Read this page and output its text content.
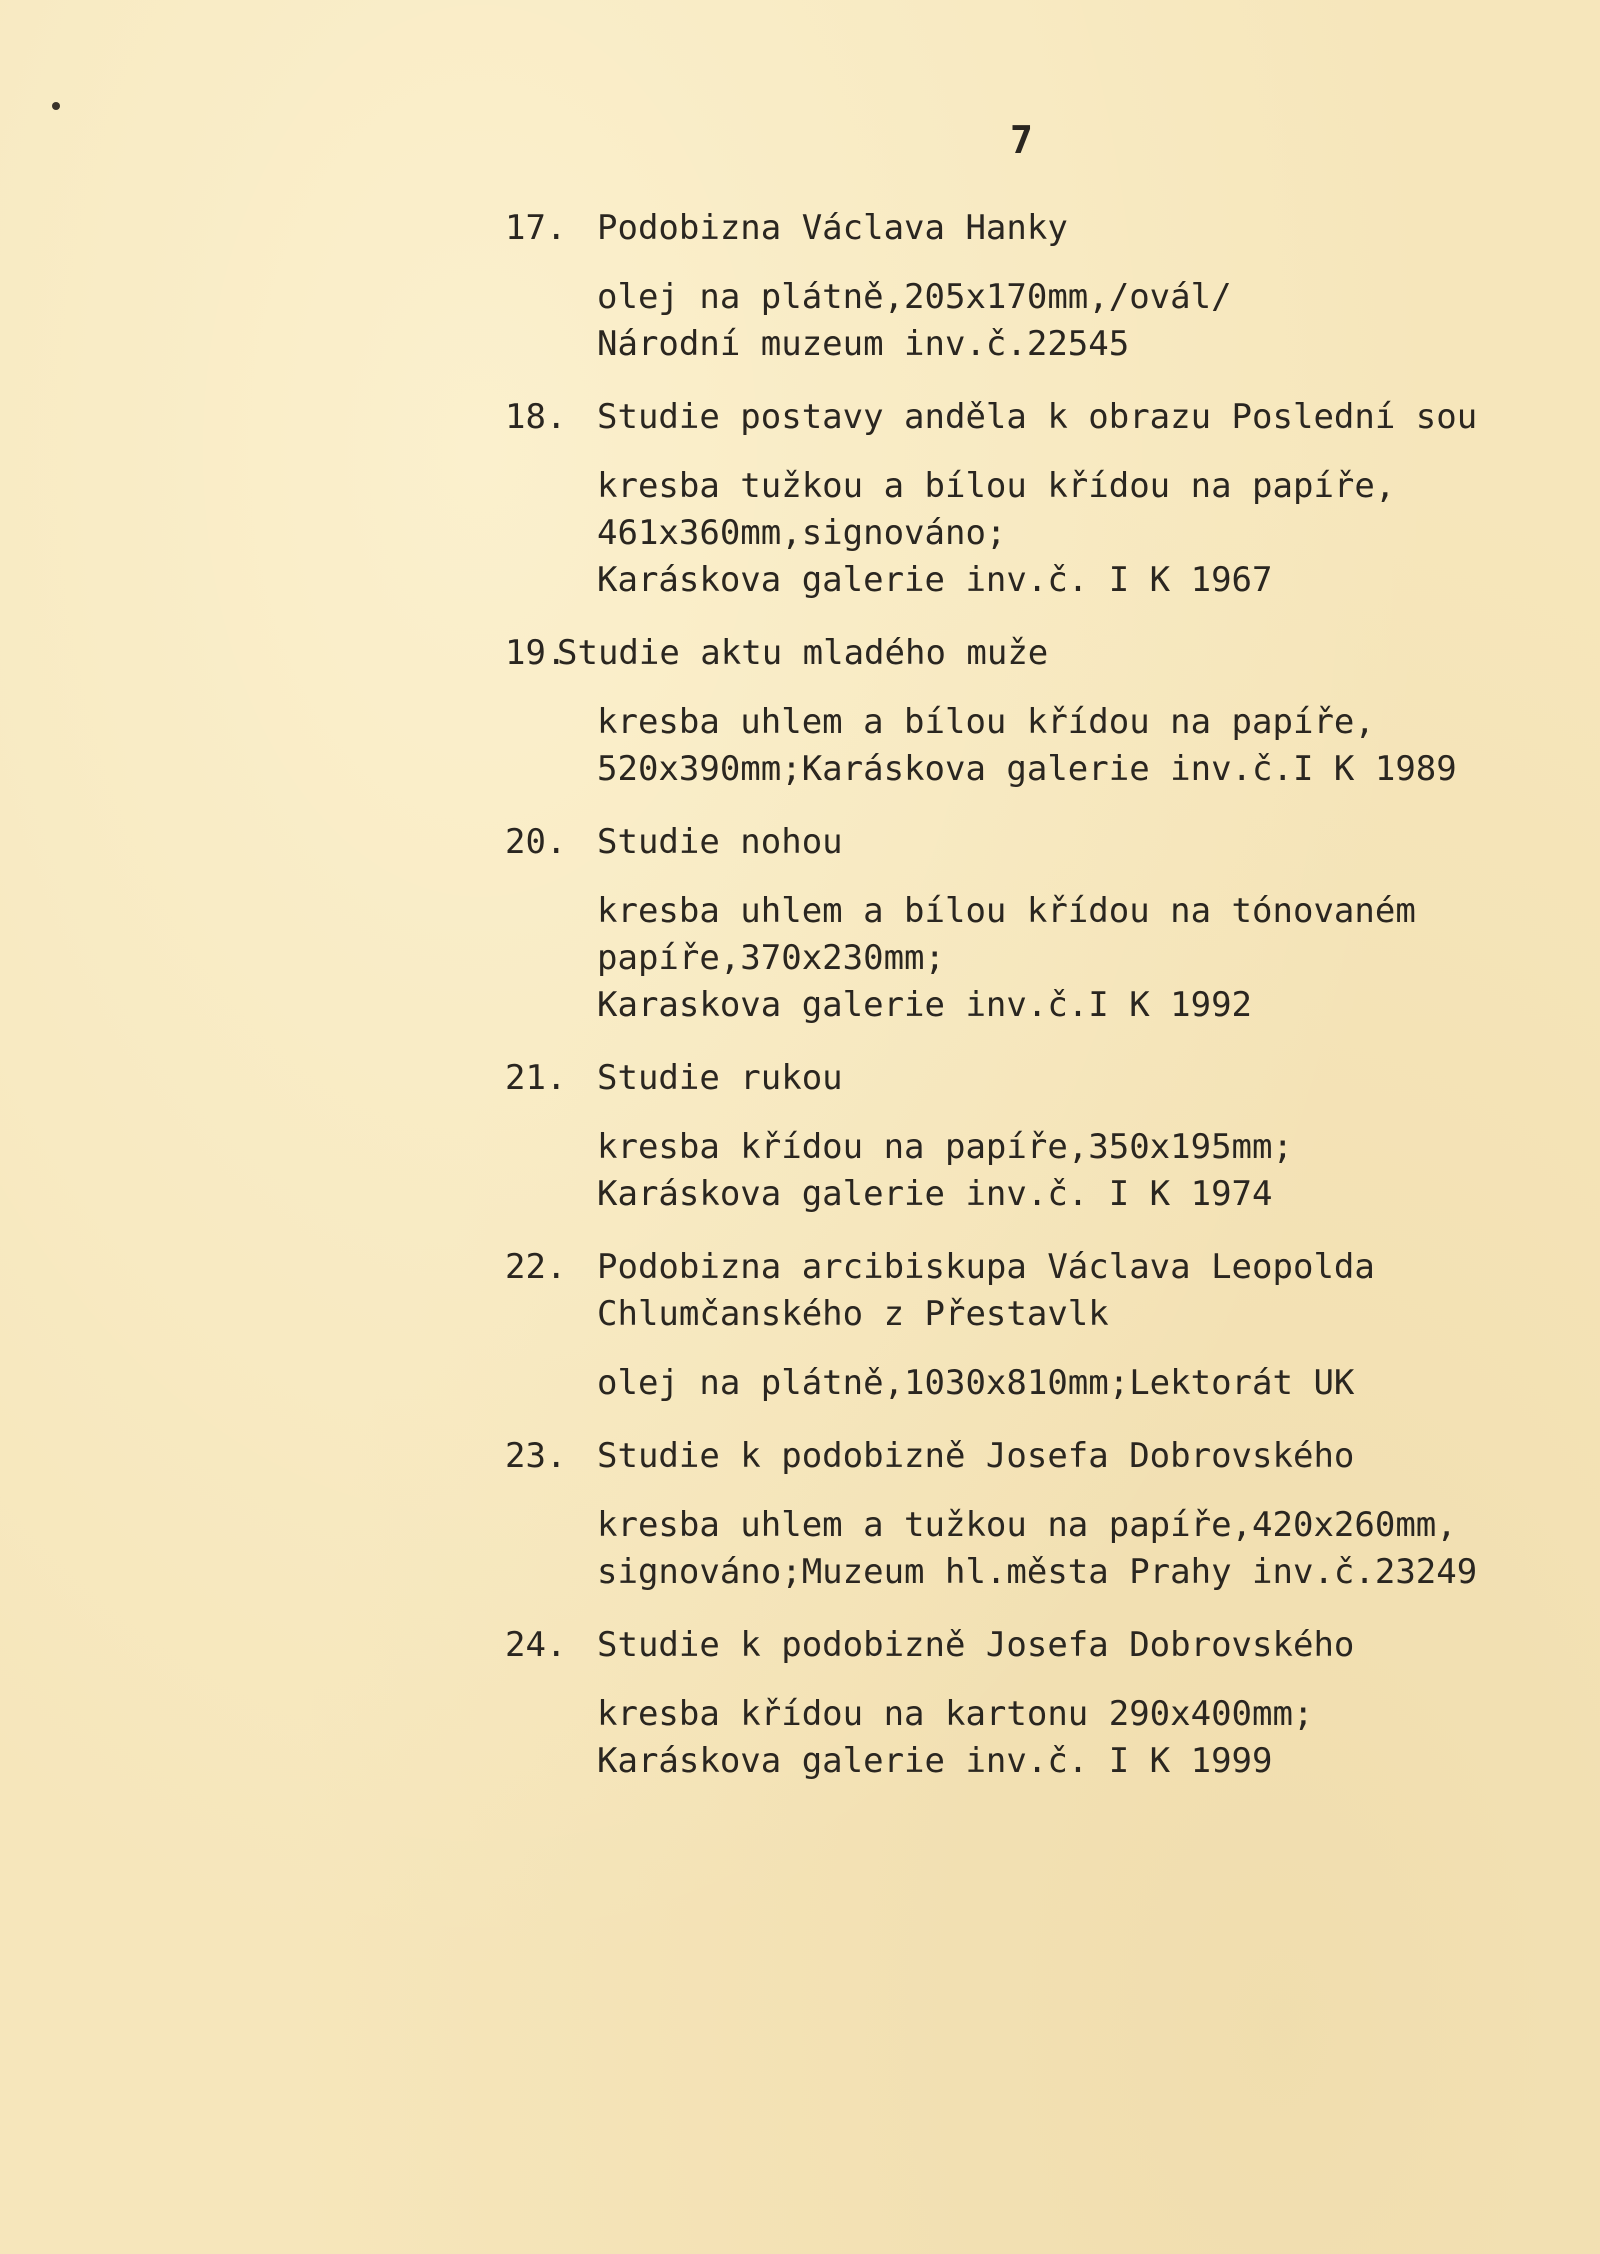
7
17. Podobizna Václava Hanky
olej na plátně,205x170mm,/ovál/
Národní muzeum inv.č.22545
18. Studie postavy anděla k obrazu Poslední sou
kresba tužkou a bílou křídou na papíře,
461x360mm,signováno;
Karáskova galerie inv.č. I K 1967
19.
Studie aktu mladého muže
kresba uhlem a bílou křídou na papíře,
520x390mm;Karáskova galerie inv.č.I K 1989
20. Studie nohou
kresba uhlem a bílou křídou na tónovaném
papíře,370x230mm;
Karaskova galerie inv.č.I K 1992
21. Studie rukou
kresba křídou na papíře,350x195mm;
Karáskova galerie inv.č. I K 1974
22. Podobizna arcibiskupa Václava Leopolda
Chlumčanského z Přestavlk
olej na plátně,1030x810mm;Lektorát UK
23. Studie k podobizně Josefa Dobrovského
kresba uhlem a tužkou na papíře,420x260mm,
signováno;Muzeum hl.města Prahy inv.č.23249
24. Studie k podobizně Josefa Dobrovského
kresba křídou na kartonu 290x400mm;
Karáskova galerie inv.č. I K 1999
